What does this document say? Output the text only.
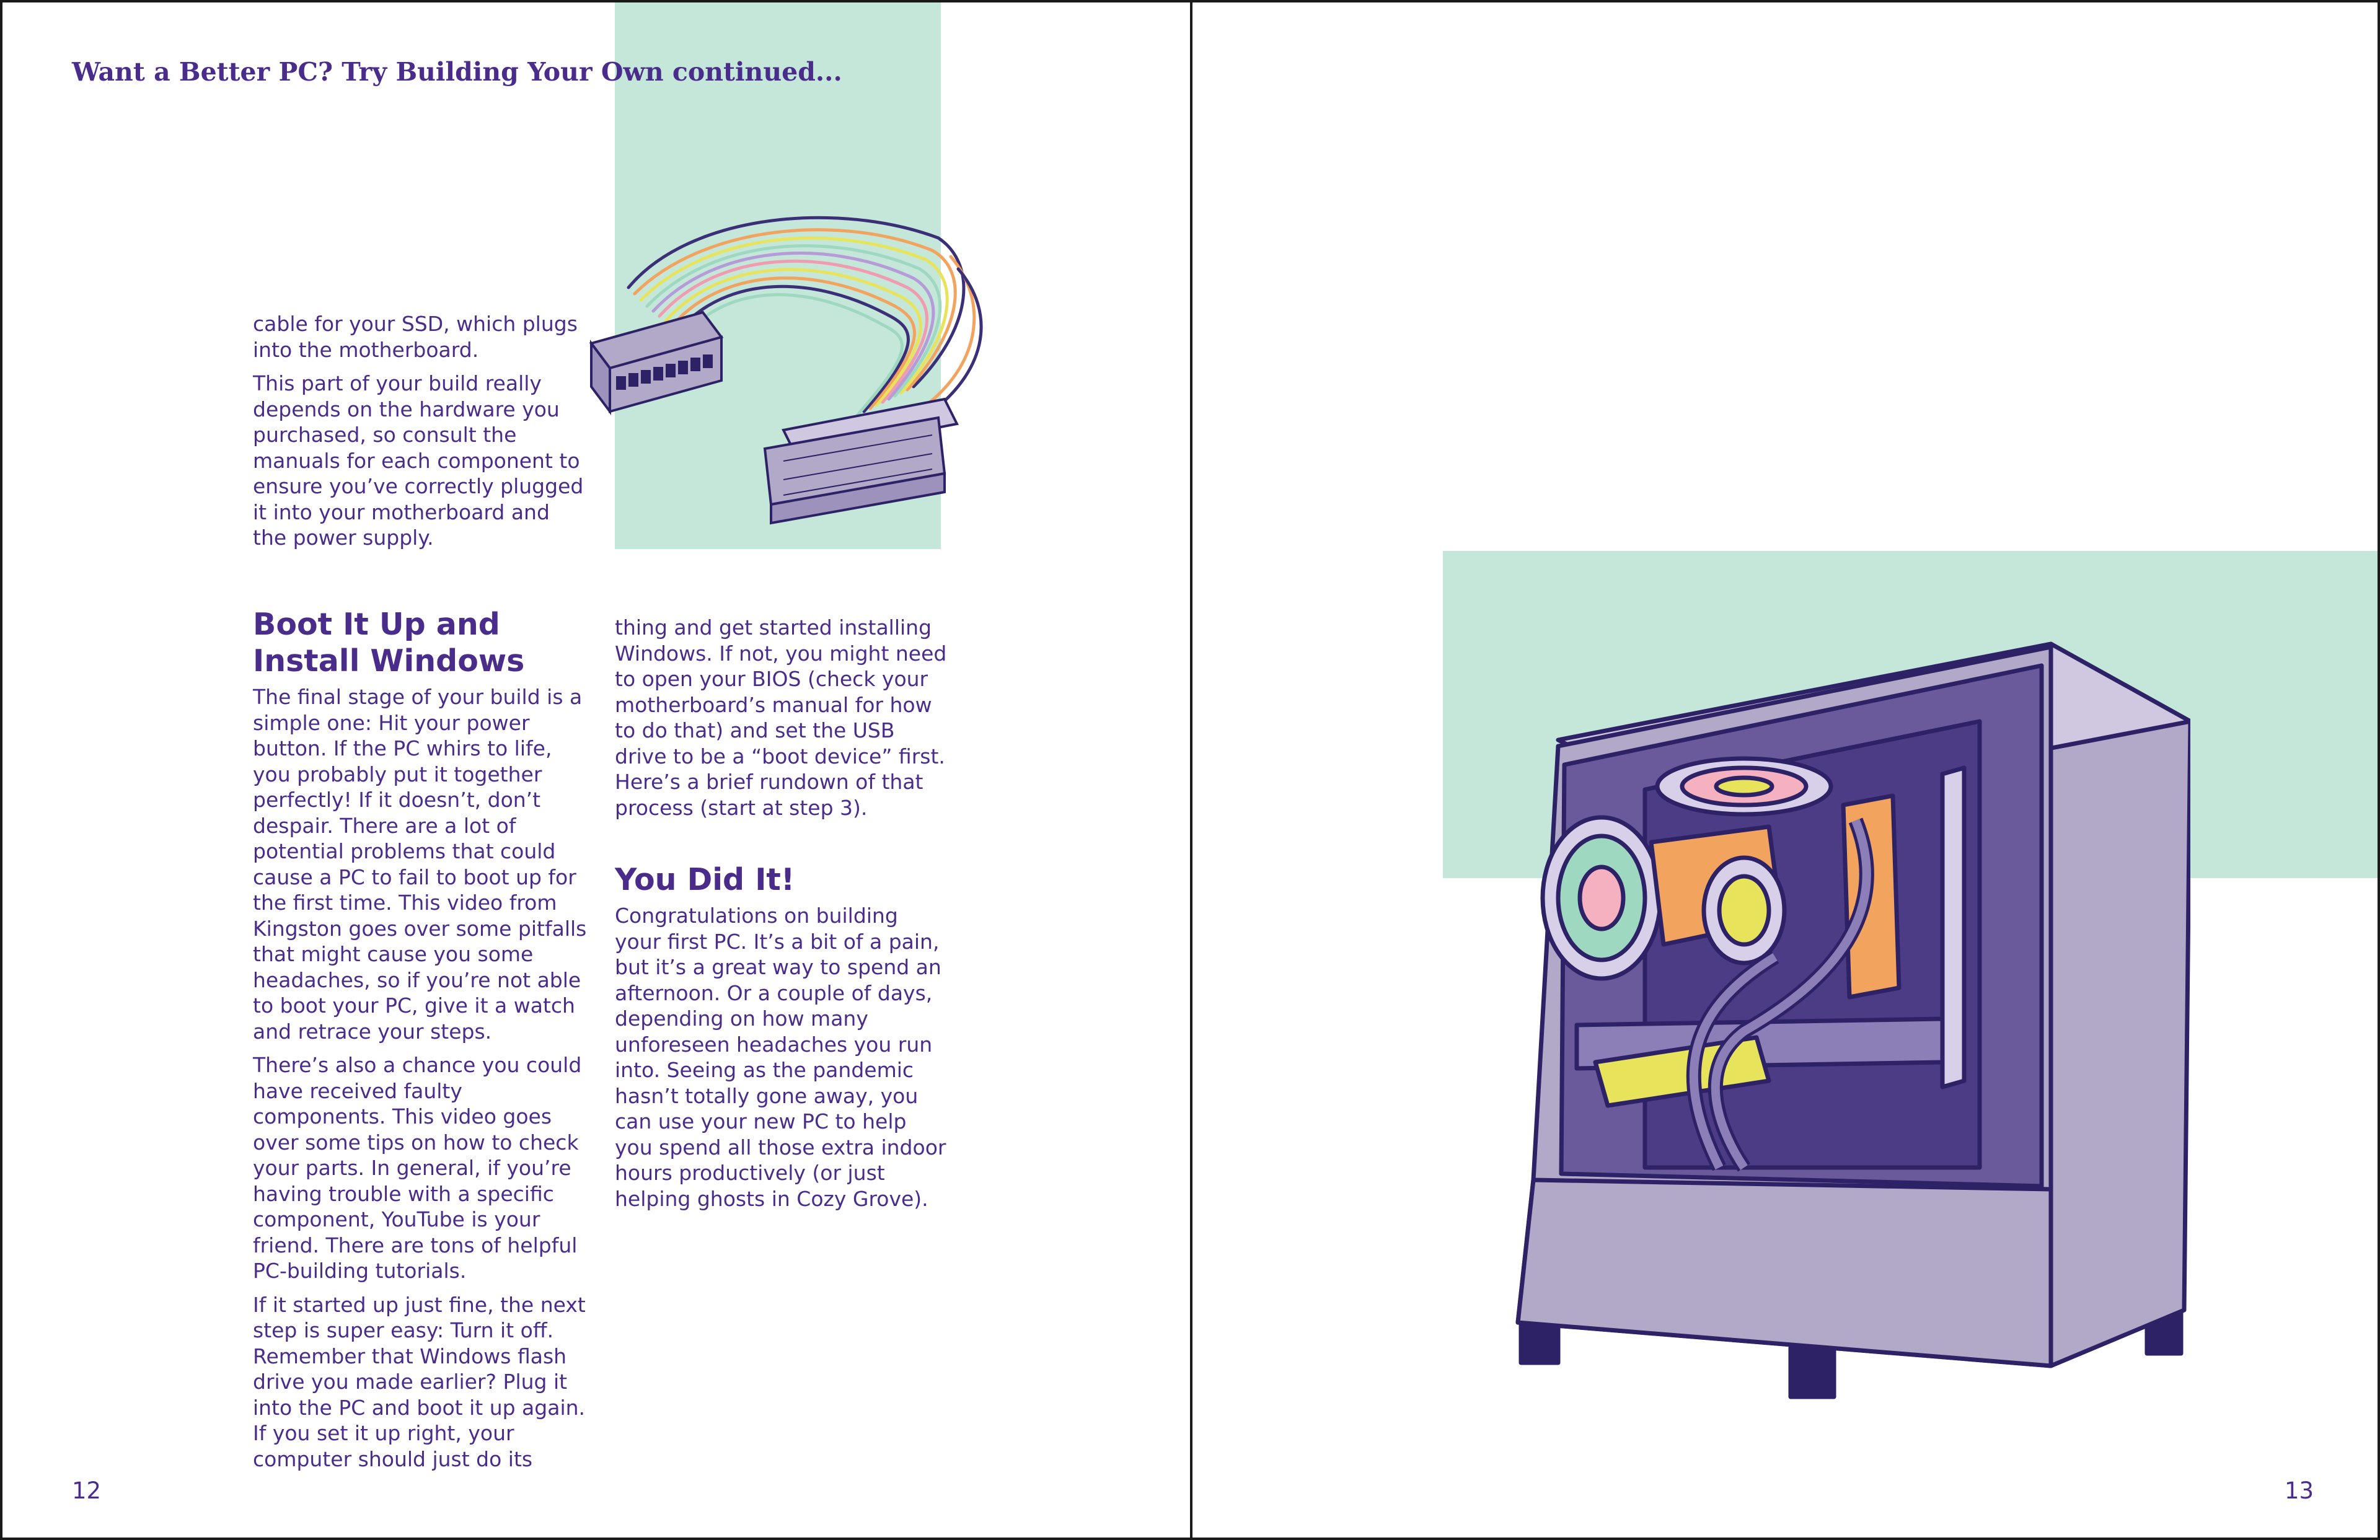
Want a Better PC? Try Building Your Own continued...

cable for your SSD, which plugs into the motherboard.

This part of your build really depends on the hardware you purchased, so consult the manuals for each component to ensure you’ve correctly plugged it into your motherboard and the power supply.

Boot It Up and Install Windows

The final stage of your build is a simple one: Hit your power button. If the PC whirs to life, you probably put it together perfectly! If it doesn’t, don’t despair. There are a lot of potential problems that could cause a PC to fail to boot up for the first time. This video from Kingston goes over some pitfalls that might cause you some headaches, so if you’re not able to boot your PC, give it a watch and retrace your steps.

There’s also a chance you could have received faulty components. This video goes over some tips on how to check your parts. In general, if you’re having trouble with a specific component, YouTube is your friend. There are tons of helpful PC-building tutorials.

If it started up just fine, the next step is super easy: Turn it off. Remember that Windows flash drive you made earlier? Plug it into the PC and boot it up again. If you set it up right, your computer should just do its

thing and get started installing Windows. If not, you might need to open your BIOS (check your motherboard’s manual for how to do that) and set the USB drive to be a “boot device” first. Here’s a brief rundown of that process (start at step 3).

You Did It!

Congratulations on building your first PC. It’s a bit of a pain, but it’s a great way to spend an afternoon. Or a couple of days, depending on how many unforeseen headaches you run into. Seeing as the pandemic hasn’t totally gone away, you can use your new PC to help you spend all those extra indoor hours productively (or just helping ghosts in Cozy Grove).

12	13
